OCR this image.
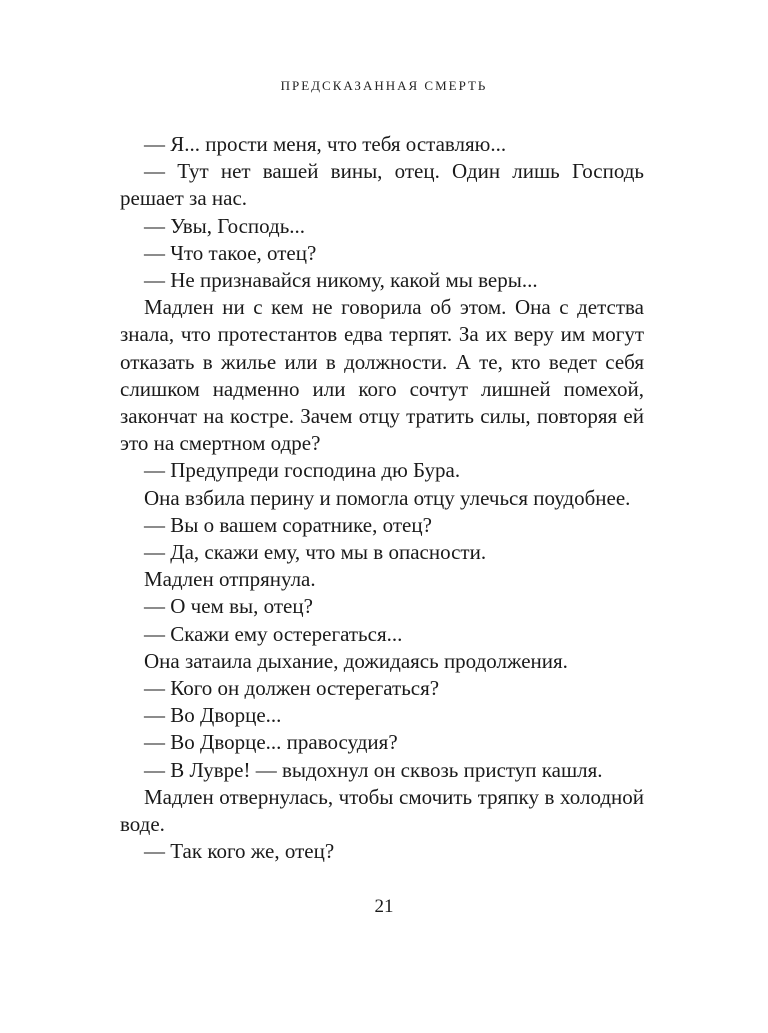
ПРЕДСКАЗАННАЯ СМЕРТЬ

— Я... прости меня, что тебя оставляю...

— Тут нет вашей вины, отец. Один лишь Господь решает за нас.

— Увы, Господь...

— Что такое, отец?

— Не признавайся никому, какой мы веры...

Мадлен ни с кем не говорила об этом. Она с детства знала, что протестантов едва терпят. За их веру им могут отказать в жилье или в должности. А те, кто ведет себя слишком надменно или кого сочтут лишней помехой, закончат на костре. Зачем отцу тратить силы, повторяя ей это на смертном одре?

— Предупреди господина дю Бура.

Она взбила перину и помогла отцу улечься поудобнее.

— Вы о вашем соратнике, отец?

— Да, скажи ему, что мы в опасности.

Мадлен отпрянула.

— О чем вы, отец?

— Скажи ему остерегаться...

Она затаила дыхание, дожидаясь продолжения.

— Кого он должен остерегаться?

— Во Дворце...

— Во Дворце... правосудия?

— В Лувре! — выдохнул он сквозь приступ кашля.

Мадлен отвернулась, чтобы смочить тряпку в холодной воде.

— Так кого же, отец?

21
